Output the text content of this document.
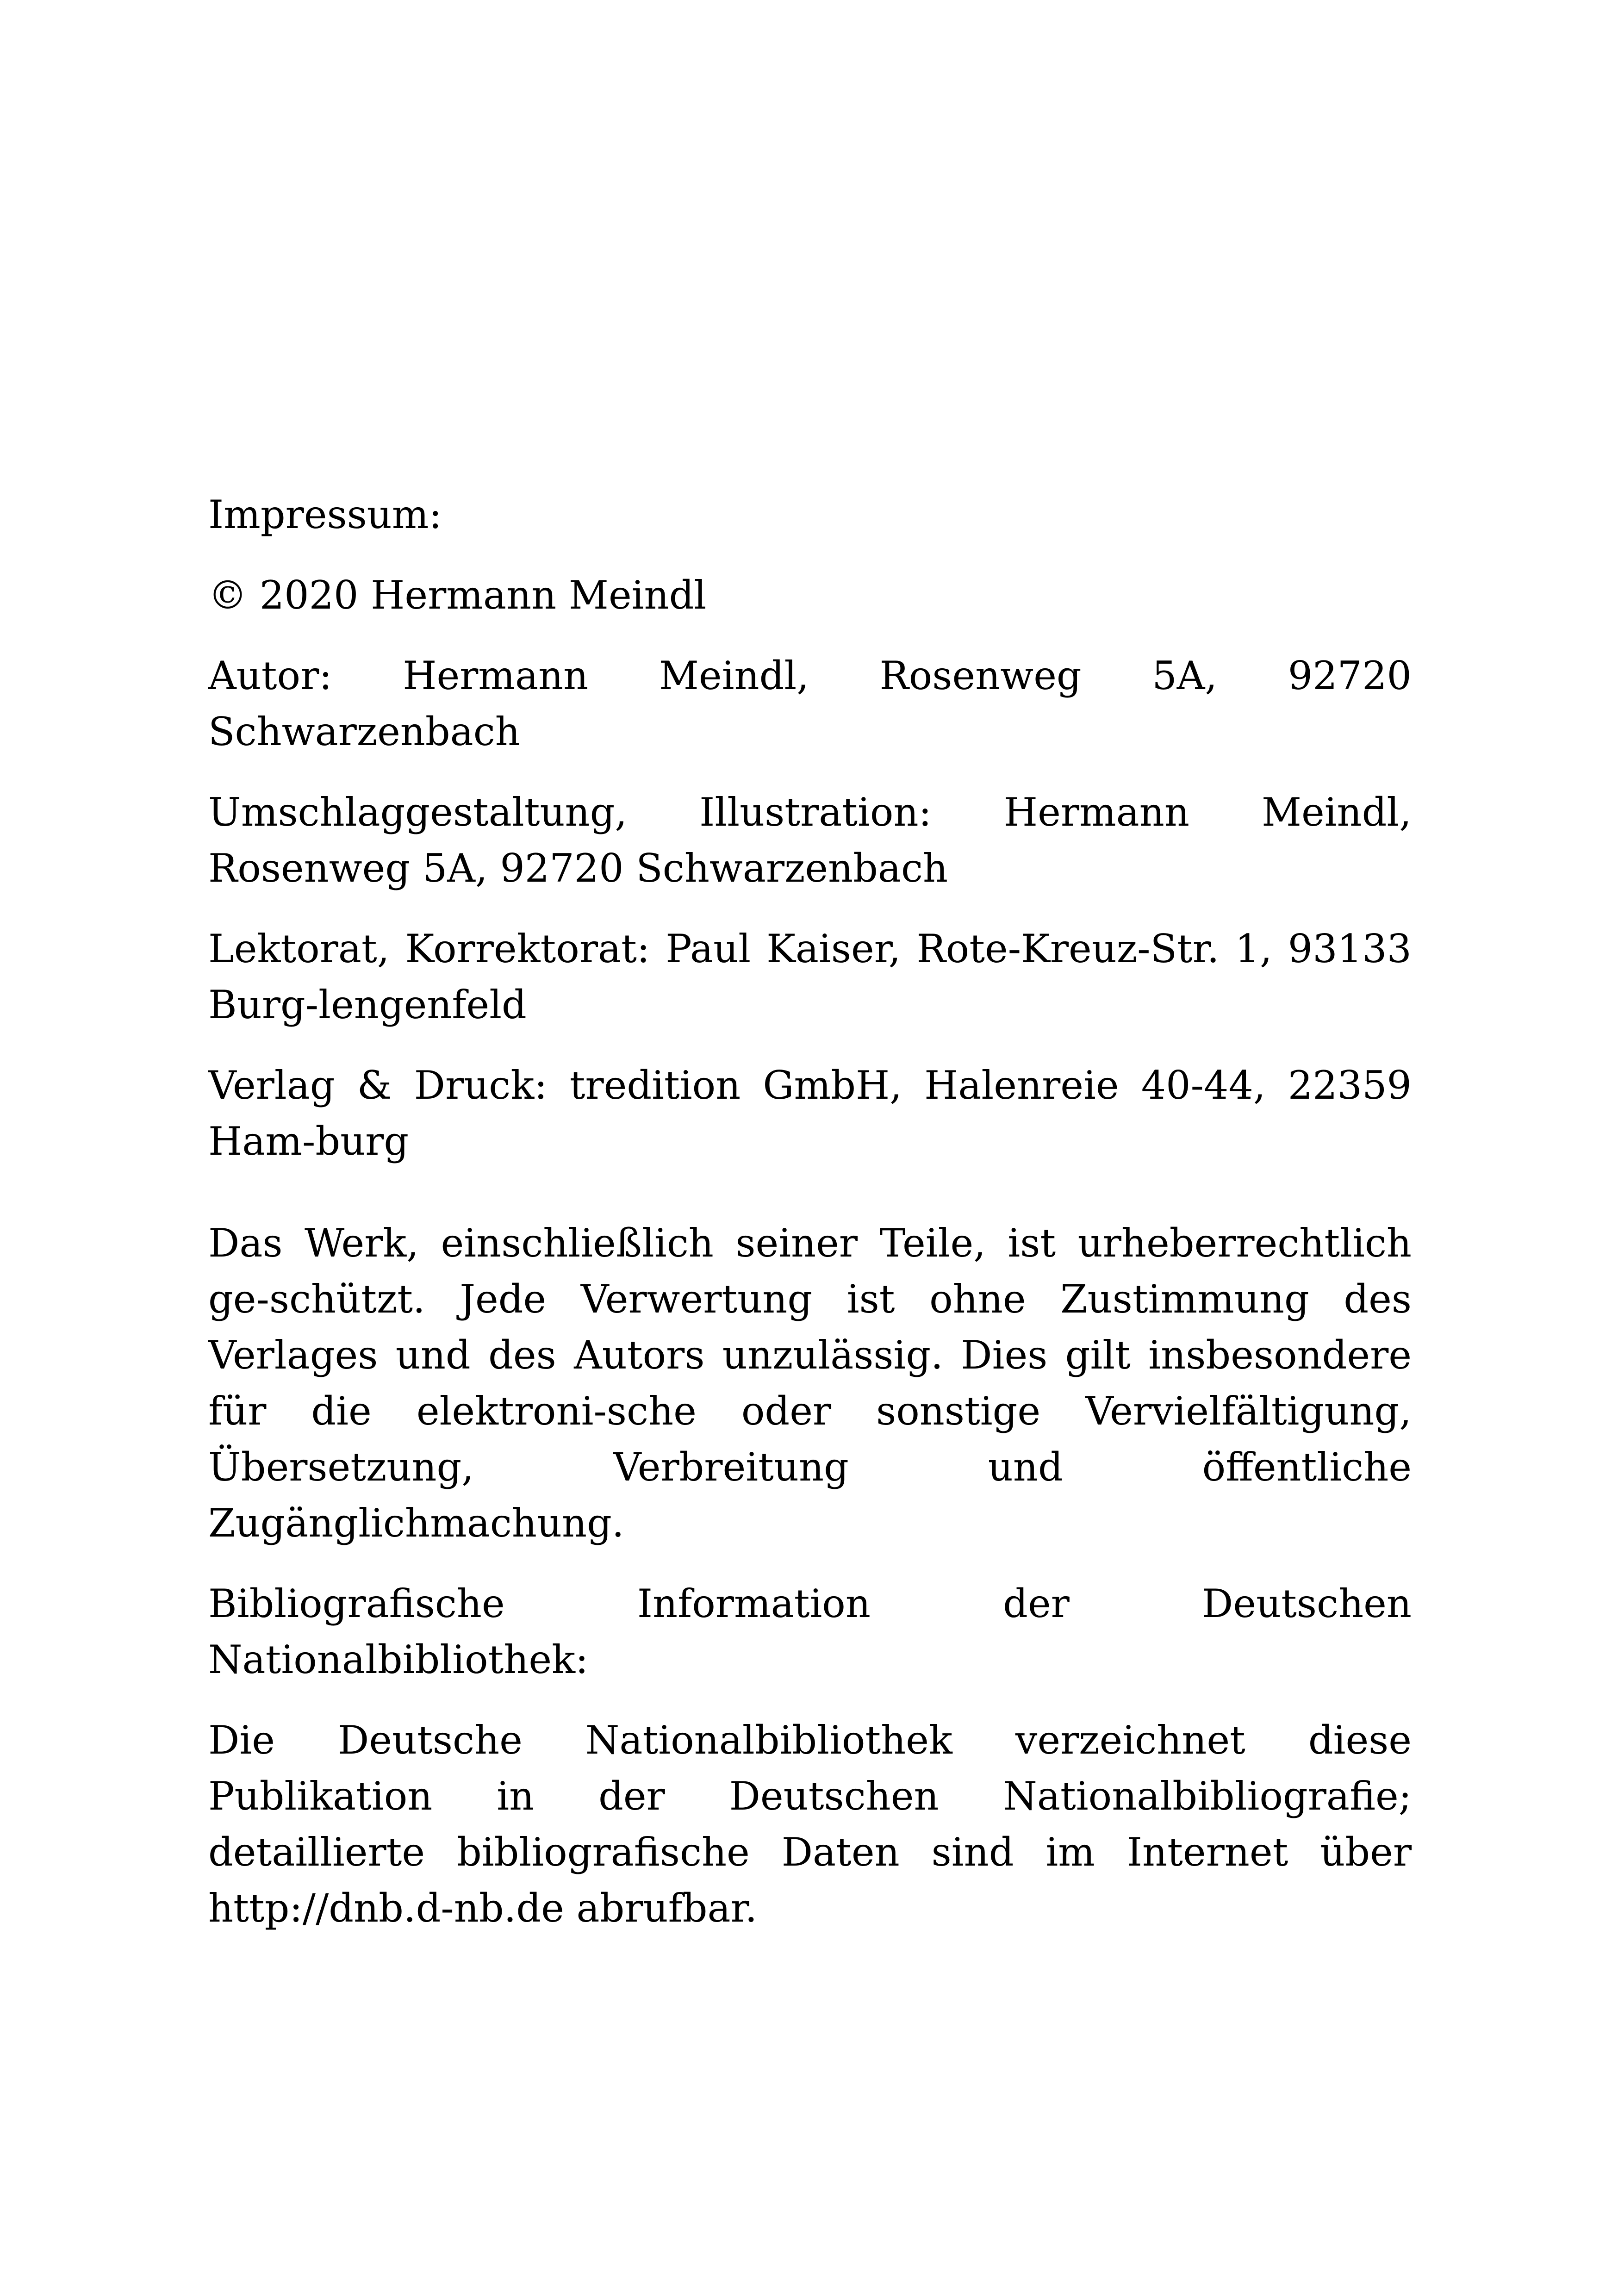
Impressum:

© 2020 Hermann Meindl

Autor: Hermann Meindl, Rosenweg 5A, 92720 Schwarzenbach

Umschlaggestaltung, Illustration: Hermann Meindl, Rosenweg 5A, 92720 Schwarzenbach

Lektorat, Korrektorat: Paul Kaiser, Rote-Kreuz-Str. 1, 93133 Burg-lengenfeld

Verlag & Druck: tredition GmbH, Halenreie 40-44, 22359 Ham-burg

Das Werk, einschließlich seiner Teile, ist urheberrechtlich ge-schützt. Jede Verwertung ist ohne Zustimmung des Verlages und des Autors unzulässig. Dies gilt insbesondere für die elektroni-sche oder sonstige Vervielfältigung, Übersetzung, Verbreitung und öffentliche Zugänglichmachung.

Bibliografische Information der Deutschen Nationalbibliothek:

Die Deutsche Nationalbibliothek verzeichnet diese Publikation in der Deutschen Nationalbibliografie; detaillierte bibliografische Daten sind im Internet über http://dnb.d-nb.de abrufbar.
